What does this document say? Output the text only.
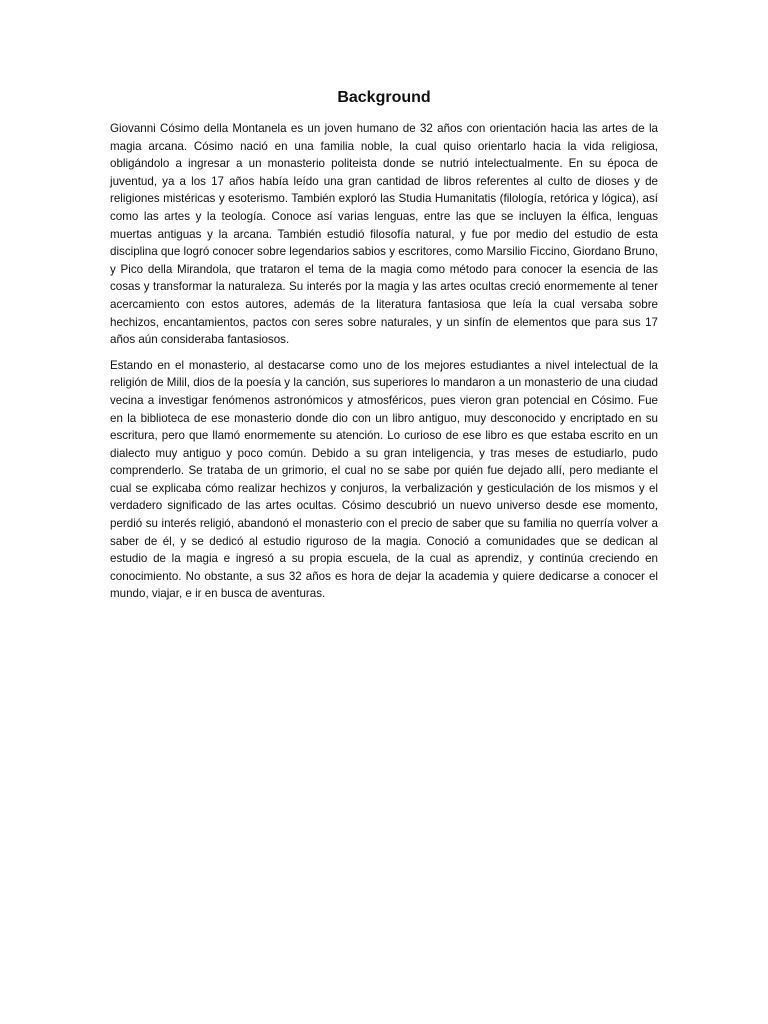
Background

Giovanni Cósimo della Montanela es un joven humano de 32 años con orientación hacia las artes de la magia arcana. Cósimo nació en una familia noble, la cual quiso orientarlo hacia la vida religiosa, obligándolo a ingresar a un monasterio politeista donde se nutrió intelectualmente. En su época de juventud, ya a los 17 años había leído una gran cantidad de libros referentes al culto de dioses y de religiones mistéricas y esoterismo. También exploró las Studia Humanitatis (filología, retórica y lógica), así como las artes y la teología. Conoce así varias lenguas, entre las que se incluyen la élfica, lenguas muertas antiguas y la arcana. También estudió filosofía natural, y fue por medio del estudio de esta disciplina que logró conocer sobre legendarios sabios y escritores, como Marsilio Ficcino, Giordano Bruno, y Pico della Mirandola, que trataron el tema de la magia como método para conocer la esencia de las cosas y transformar la naturaleza. Su interés por la magia y las artes ocultas creció enormemente al tener acercamiento con estos autores, además de la literatura fantasiosa que leía la cual versaba sobre hechizos, encantamientos, pactos con seres sobre naturales, y un sinfín de elementos que para sus 17 años aún consideraba fantasiosos.

Estando en el monasterio, al destacarse como uno de los mejores estudiantes a nivel intelectual de la religión de Milil, dios de la poesía y la canción, sus superiores lo mandaron a un monasterio de una ciudad vecina a investigar fenómenos astronómicos y atmosféricos, pues vieron gran potencial en Cósimo. Fue en la biblioteca de ese monasterio donde dio con un libro antiguo, muy desconocido y encriptado en su escritura, pero que llamó enormemente su atención. Lo curioso de ese libro es que estaba escrito en un dialecto muy antiguo y poco común. Debido a su gran inteligencia, y tras meses de estudiarlo, pudo comprenderlo. Se trataba de un grimorio, el cual no se sabe por quién fue dejado allí, pero mediante el cual se explicaba cómo realizar hechizos y conjuros, la verbalización y gesticulación de los mismos y el verdadero significado de las artes ocultas. Cósimo descubrió un nuevo universo desde ese momento, perdió su interés religió, abandonó el monasterio con el precio de saber que su familia no querría volver a saber de él, y se dedicó al estudio riguroso de la magia. Conoció a comunidades que se dedican al estudio de la magia e ingresó a su propia escuela, de la cual as aprendiz, y continúa creciendo en conocimiento. No obstante, a sus 32 años es hora de dejar la academia y quiere dedicarse a conocer el mundo, viajar, e ir en busca de aventuras.
